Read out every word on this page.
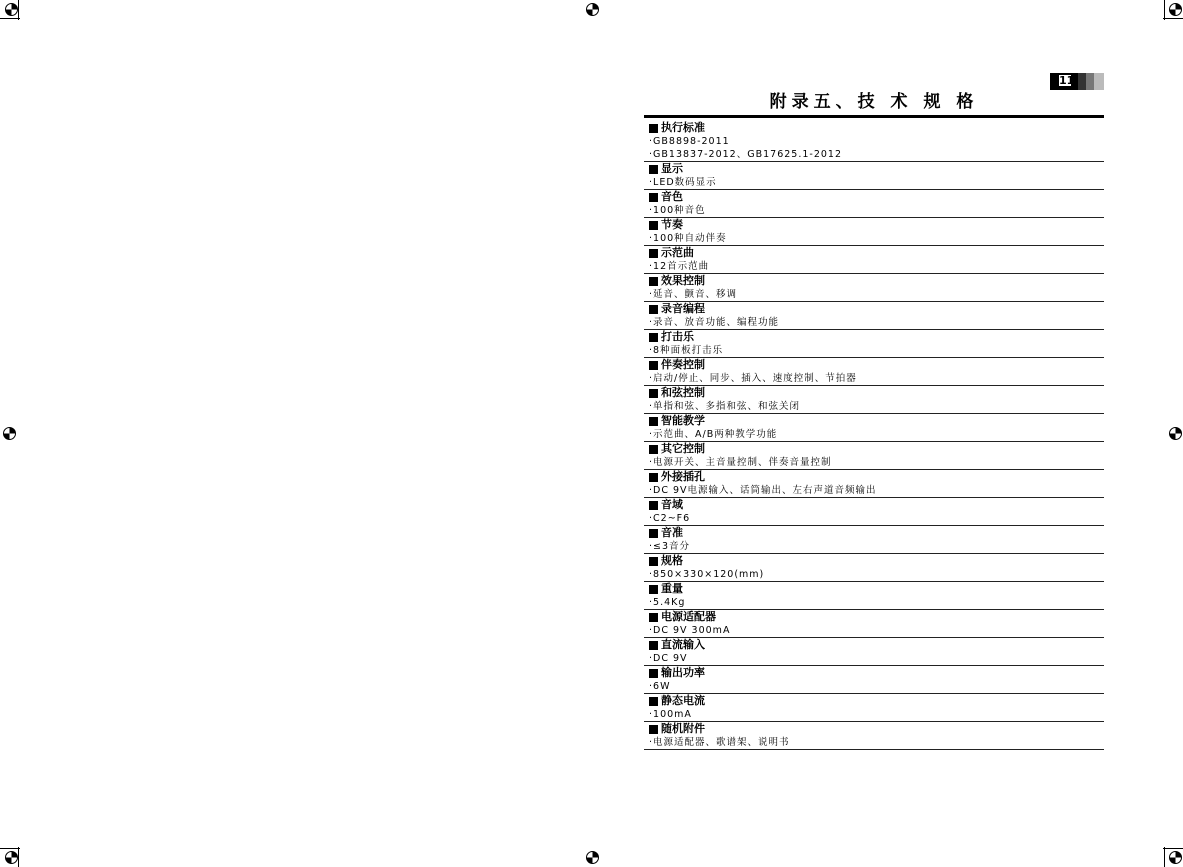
11
附录五、技 术 规 格
执行标准
·GB8898-2011
·GB13837-2012、GB17625.1-2012
显示
·LED数码显示
音色
·100种音色
节奏
·100种自动伴奏
示范曲
·12首示范曲
效果控制
·延音、颤音、移调
录音编程
·录音、放音功能、编程功能
打击乐
·8种面板打击乐
伴奏控制
·启动/停止、同步、插入、速度控制、节拍器
和弦控制
·单指和弦、多指和弦、和弦关闭
智能教学
·示范曲、A/B两种教学功能
其它控制
·电源开关、主音量控制、伴奏音量控制
外接插孔
·DC 9V电源输入、话筒输出、左右声道音频输出
音域
·C2~F6
音准
·≤3音分
规格
·850×330×120(mm)
重量
·5.4Kg
电源适配器
·DC 9V 300mA
直流输入
·DC 9V
输出功率
·6W
静态电流
·100mA
随机附件
·电源适配器、歌谱架、说明书
